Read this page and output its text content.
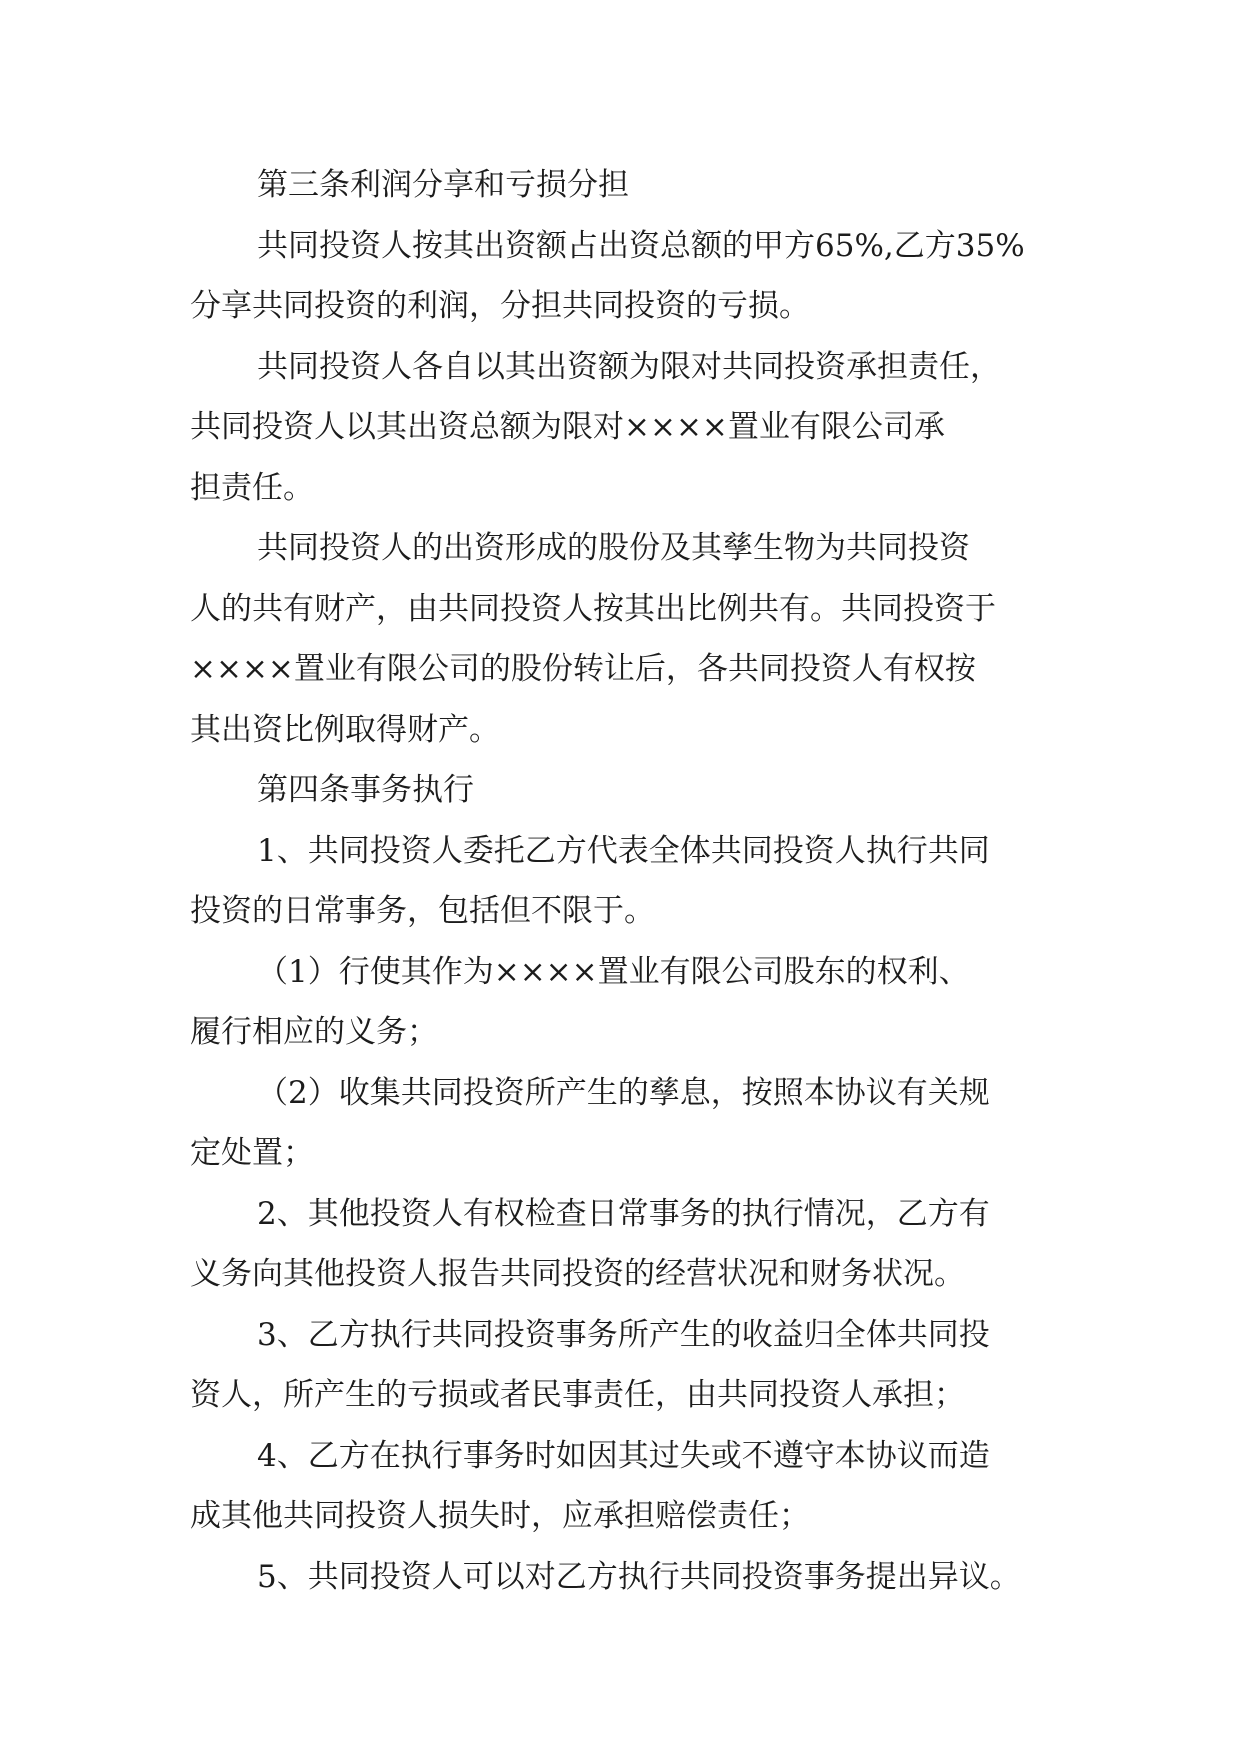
第三条利润分享和亏损分担

共同投资人按其出资额占出资总额的甲方65%,乙方35%

分享共同投资的利润，分担共同投资的亏损。

共同投资人各自以其出资额为限对共同投资承担责任，

共同投资人以其出资总额为限对××××置业有限公司承

担责任。

共同投资人的出资形成的股份及其孳生物为共同投资

人的共有财产，由共同投资人按其出比例共有。共同投资于

××××置业有限公司的股份转让后，各共同投资人有权按

其出资比例取得财产。

第四条事务执行

1、共同投资人委托乙方代表全体共同投资人执行共同

投资的日常事务，包括但不限于。

（1）行使其作为××××置业有限公司股东的权利、

履行相应的义务；

（2）收集共同投资所产生的孳息，按照本协议有关规

定处置；

2、其他投资人有权检查日常事务的执行情况，乙方有

义务向其他投资人报告共同投资的经营状况和财务状况。

3、乙方执行共同投资事务所产生的收益归全体共同投

资人，所产生的亏损或者民事责任，由共同投资人承担；

4、乙方在执行事务时如因其过失或不遵守本协议而造

成其他共同投资人损失时，应承担赔偿责任；

5、共同投资人可以对乙方执行共同投资事务提出异议。
